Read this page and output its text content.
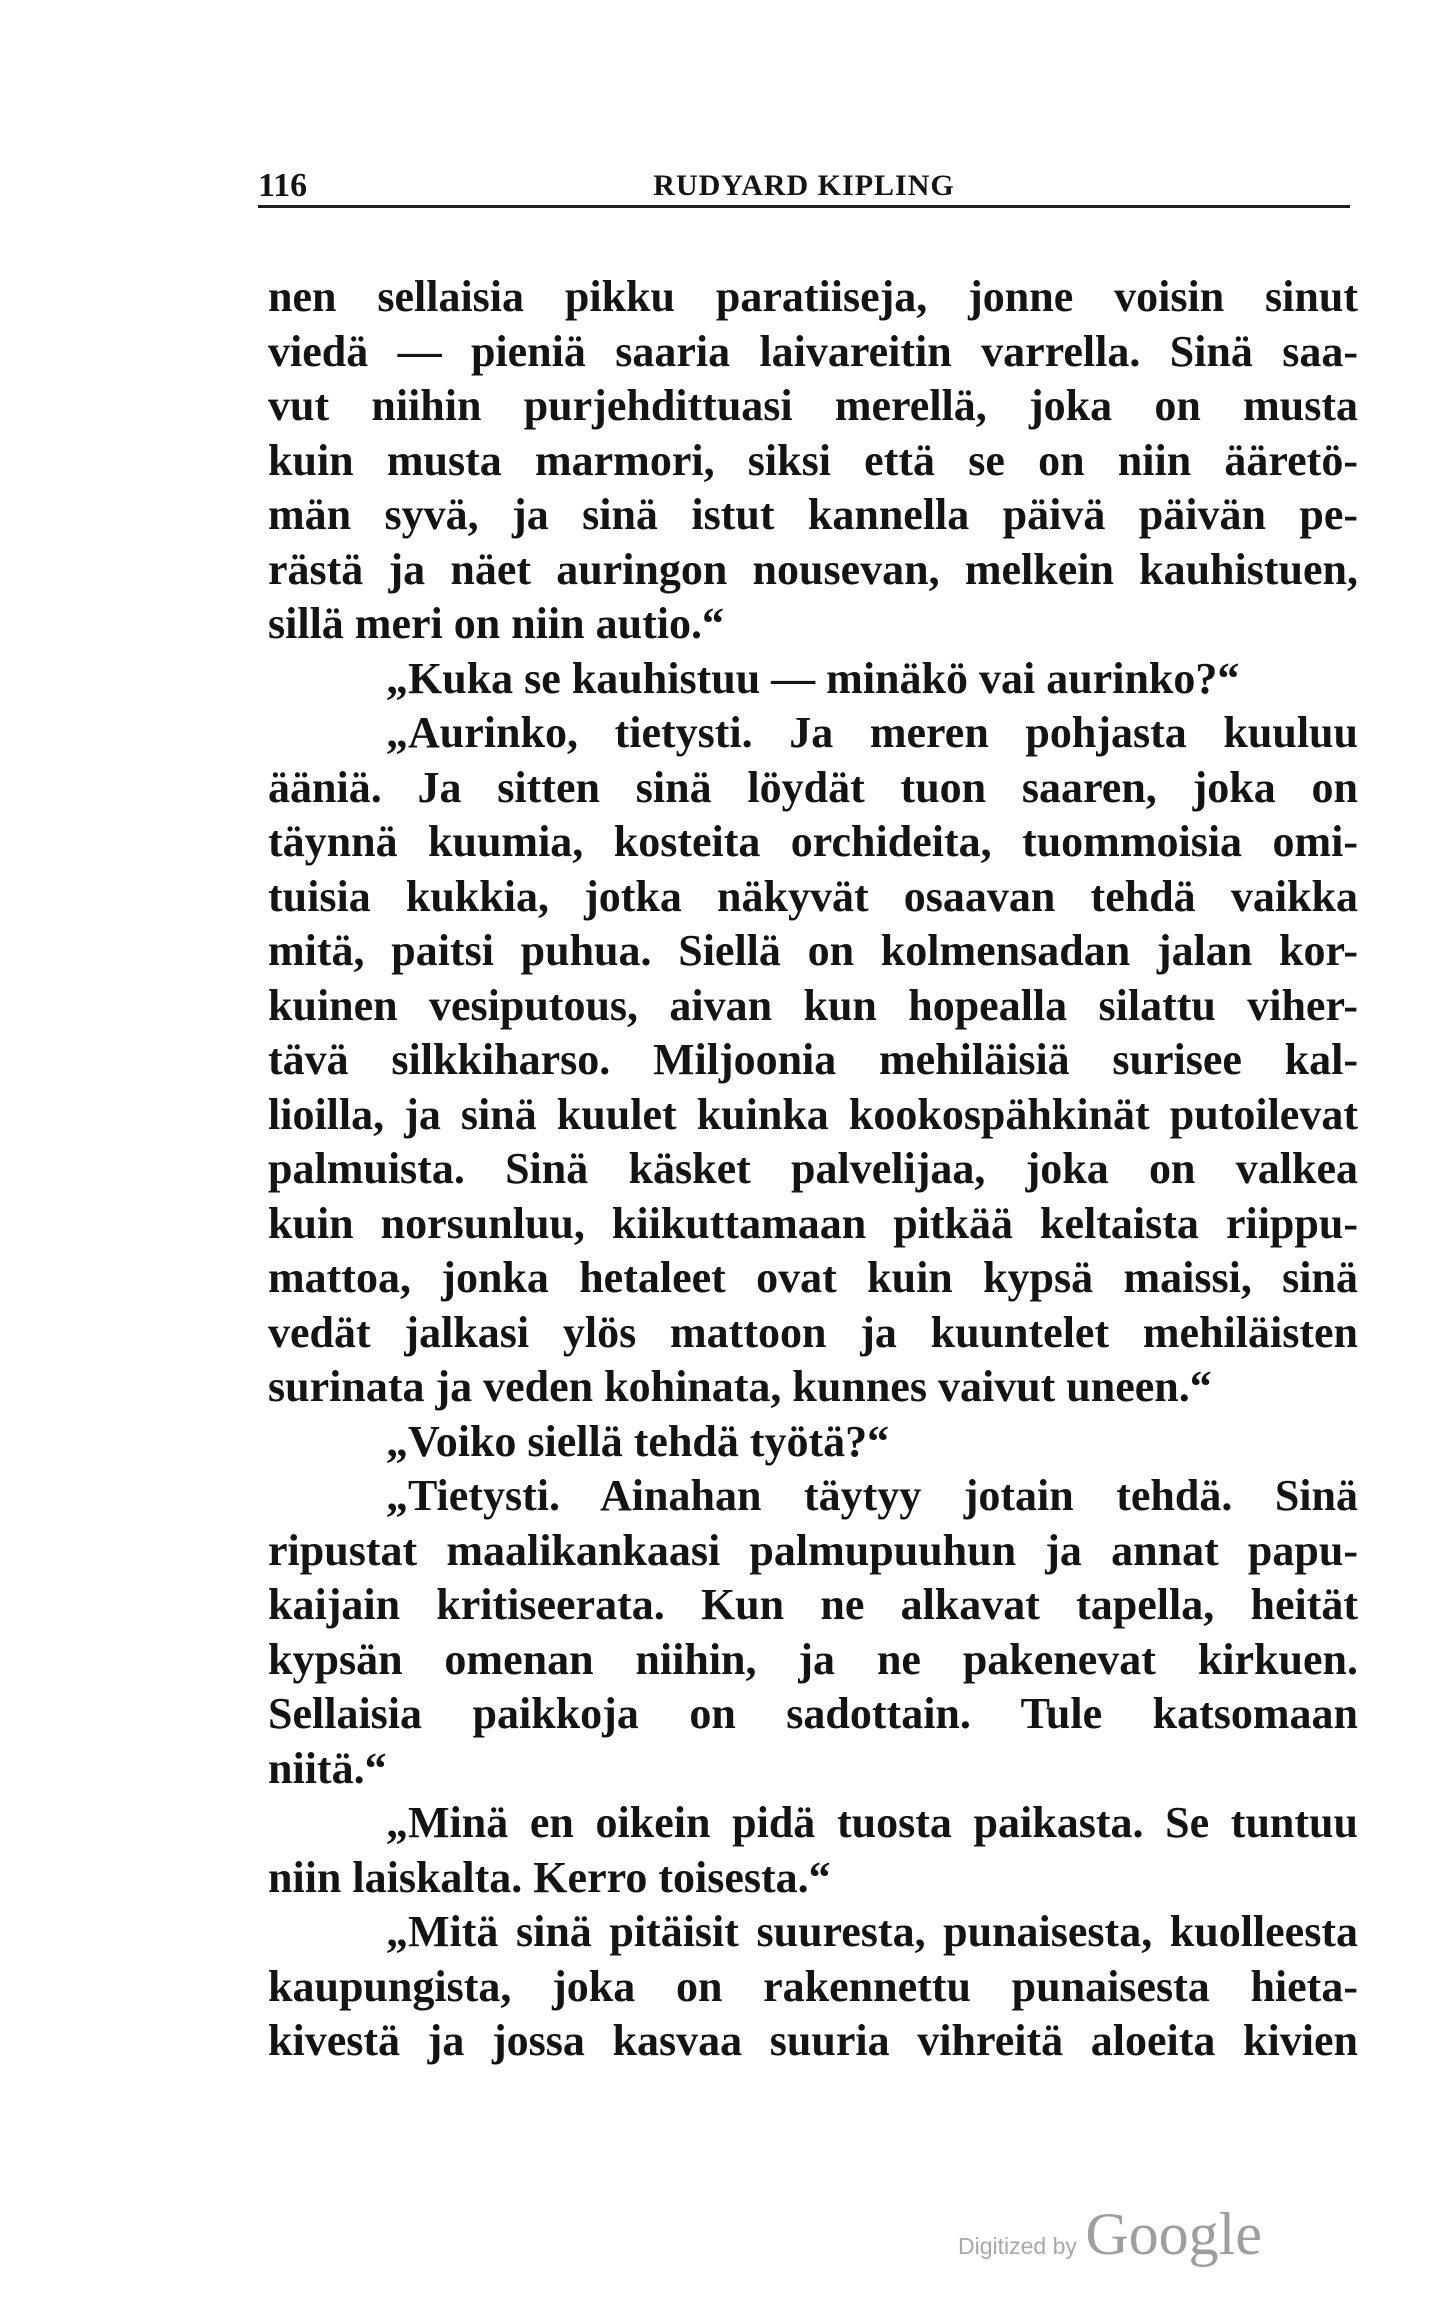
116	RUDYARD KIPLING
nen sellaisia pikku paratiiseja, jonne voisin sinut
viedä — pieniä saaria laivareitin varrella. Sinä saa-
vut niihin purjehdittuasi merellä, joka on musta
kuin musta marmori, siksi että se on niin ääretö-
män syvä, ja sinä istut kannella päivä päivän pe-
rästä ja näet auringon nousevan, melkein kauhistuen,
sillä meri on niin autio.“
„Kuka se kauhistuu — minäkö vai aurinko?“
„Aurinko, tietysti. Ja meren pohjasta kuuluu
ääniä. Ja sitten sinä löydät tuon saaren, joka on
täynnä kuumia, kosteita orchideita, tuommoisia omi-
tuisia kukkia, jotka näkyvät osaavan tehdä vaikka
mitä, paitsi puhua. Siellä on kolmensadan jalan kor-
kuinen vesiputous, aivan kun hopealla silattu viher-
tävä silkkiharso. Miljoonia mehiläisiä surisee kal-
lioilla, ja sinä kuulet kuinka kookospähkinät putoilevat
palmuista. Sinä käsket palvelijaa, joka on valkea
kuin norsunluu, kiikuttamaan pitkää keltaista riippu-
mattoa, jonka hetaleet ovat kuin kypsä maissi, sinä
vedät jalkasi ylös mattoon ja kuuntelet mehiläisten
surinata ja veden kohinata, kunnes vaivut uneen.“
„Voiko siellä tehdä työtä?“
„Tietysti. Ainahan täytyy jotain tehdä. Sinä
ripustat maalikankaasi palmupuuhun ja annat papu-
kaijain kritiseerata. Kun ne alkavat tapella, heität
kypsän omenan niihin, ja ne pakenevat kirkuen.
Sellaisia paikkoja on sadottain. Tule katsomaan
niitä.“
„Minä en oikein pidä tuosta paikasta. Se tuntuu
niin laiskalta. Kerro toisesta.“
„Mitä sinä pitäisit suuresta, punaisesta, kuolleesta
kaupungista, joka on rakennettu punaisesta hieta-
kivestä ja jossa kasvaa suuria vihreitä aloeita kivien
Digitized by Google
